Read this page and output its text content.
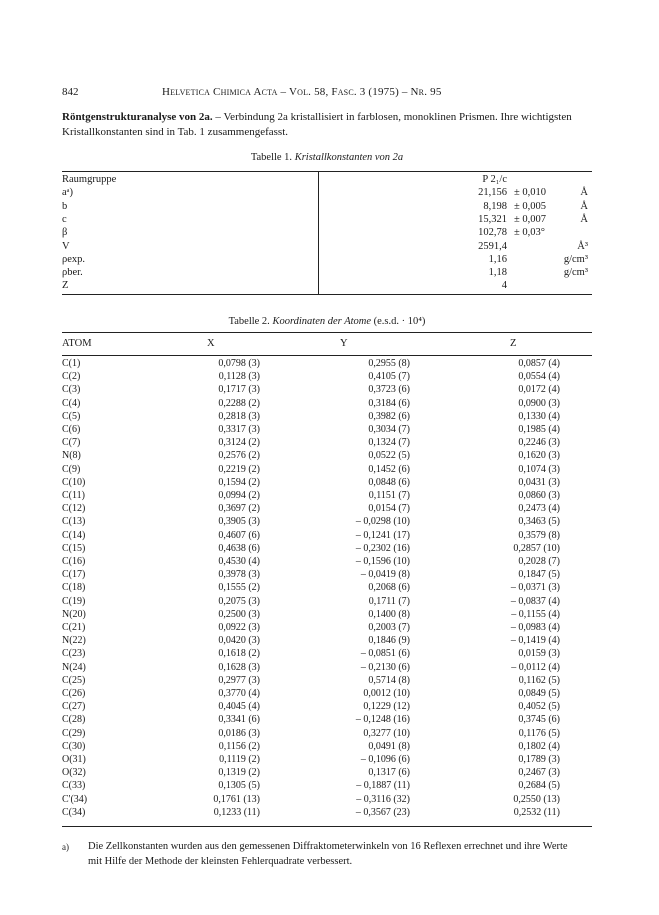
842	Helvetica Chimica Acta – Vol. 58, Fasc. 3 (1975) – Nr. 95
Röntgenstrukturanalyse von 2a. – Verbindung 2a kristallisiert in farblosen, monoklinen Prismen. Ihre wichtigsten Kristallkonstanten sind in Tab. 1 zusammengefasst.
Tabelle 1. Kristallkonstanten von 2a
Raumgruppe	P 2₁/c
aᵃ)	21,156 ± 0,010	Å
b	8,198 ± 0,005	Å
c	15,321 ± 0,007	Å
β	102,78 ± 0,03°
V	2591,4	Å³
ρexp.	1,16	g/cm³
ρber.	1,18	g/cm³
Z	4
Tabelle 2. Koordinaten der Atome (e.s.d. · 10⁴)
ATOM	X	Y	Z
C(1)	0,0798 (3)	0,2955 (8)	0,0857 (4)
C(2)	0,1128 (3)	0,4105 (7)	0,0554 (4)
C(3)	0,1717 (3)	0,3723 (6)	0,0172 (4)
C(4)	0,2288 (2)	0,3184 (6)	0,0900 (3)
C(5)	0,2818 (3)	0,3982 (6)	0,1330 (4)
C(6)	0,3317 (3)	0,3034 (7)	0,1985 (4)
C(7)	0,3124 (2)	0,1324 (7)	0,2246 (3)
N(8)	0,2576 (2)	0,0522 (5)	0,1620 (3)
C(9)	0,2219 (2)	0,1452 (6)	0,1074 (3)
C(10)	0,1594 (2)	0,0848 (6)	0,0431 (3)
C(11)	0,0994 (2)	0,1151 (7)	0,0860 (3)
C(12)	0,3697 (2)	0,0154 (7)	0,2473 (4)
C(13)	0,3905 (3)	– 0,0298 (10)	0,3463 (5)
C(14)	0,4607 (6)	– 0,1241 (17)	0,3579 (8)
C(15)	0,4638 (6)	– 0,2302 (16)	0,2857 (10)
C(16)	0,4530 (4)	– 0,1596 (10)	0,2028 (7)
C(17)	0,3978 (3)	– 0,0419 (8)	0,1847 (5)
C(18)	0,1555 (2)	0,2068 (6)	– 0,0371 (3)
C(19)	0,2075 (3)	0,1711 (7)	– 0,0837 (4)
N(20)	0,2500 (3)	0,1400 (8)	– 0,1155 (4)
C(21)	0,0922 (3)	0,2003 (7)	– 0,0983 (4)
N(22)	0,0420 (3)	0,1846 (9)	– 0,1419 (4)
C(23)	0,1618 (2)	– 0,0851 (6)	0,0159 (3)
N(24)	0,1628 (3)	– 0,2130 (6)	– 0,0112 (4)
C(25)	0,2977 (3)	0,5714 (8)	0,1162 (5)
C(26)	0,3770 (4)	0,0012 (10)	0,0849 (5)
C(27)	0,4045 (4)	0,1229 (12)	0,4052 (5)
C(28)	0,3341 (6)	– 0,1248 (16)	0,3745 (6)
C(29)	0,0186 (3)	0,3277 (10)	0,1176 (5)
C(30)	0,1156 (2)	0,0491 (8)	0,1802 (4)
O(31)	0,1119 (2)	– 0,1096 (6)	0,1789 (3)
O(32)	0,1319 (2)	0,1317 (6)	0,2467 (3)
C(33)	0,1305 (5)	– 0,1887 (11)	0,2684 (5)
C'(34)	0,1761 (13)	– 0,3116 (32)	0,2550 (13)
C(34)	0,1233 (11)	– 0,3567 (23)	0,2532 (11)
a)	Die Zellkonstanten wurden aus den gemessenen Diffraktometerwinkeln von 16 Reflexen errechnet und ihre Werte mit Hilfe der Methode der kleinsten Fehlerquadrate verbessert.
